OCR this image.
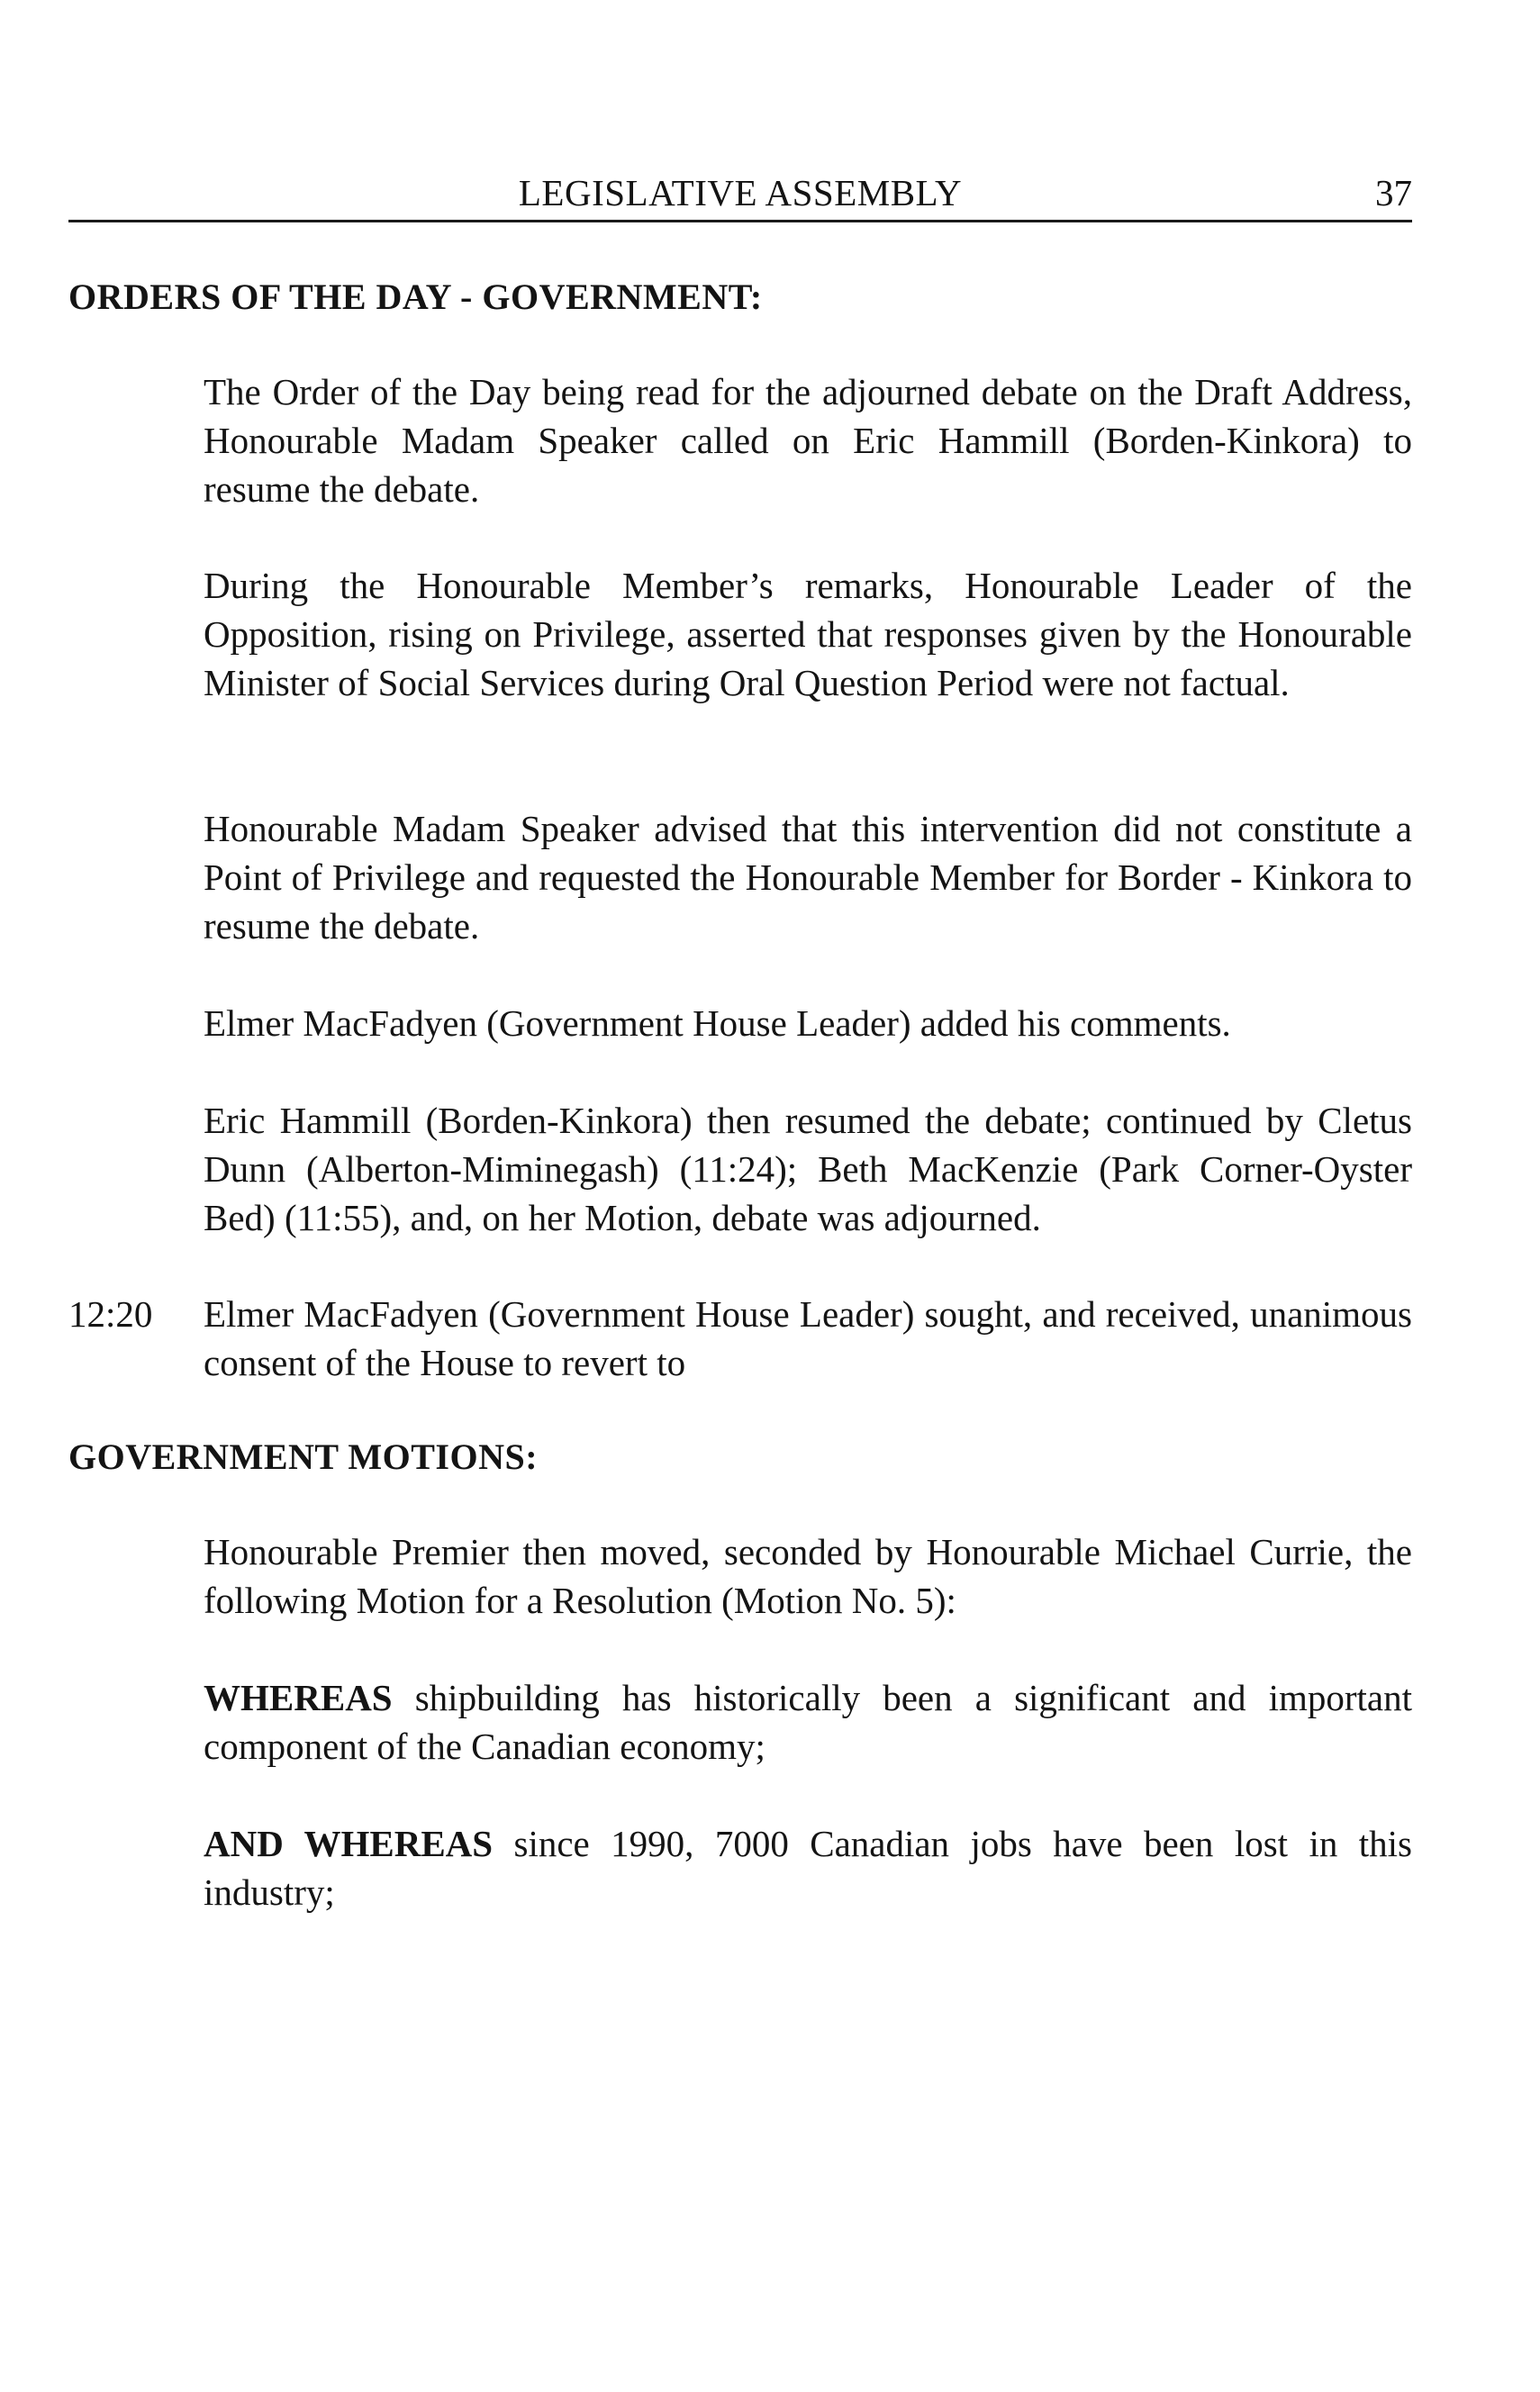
LEGISLATIVE ASSEMBLY	37
ORDERS OF THE DAY - GOVERNMENT:
The Order of the Day being read for the adjourned debate on the Draft Address, Honourable Madam Speaker called on Eric Hammill (Borden-Kinkora) to resume the debate.
During the Honourable Member’s remarks, Honourable Leader of the Opposition, rising on Privilege, asserted that responses given by the Honourable Minister of Social Services during Oral Question Period were not factual.
Honourable Madam Speaker advised that this intervention did not constitute a Point of Privilege and requested the Honourable Member for Border - Kinkora to resume the debate.
Elmer MacFadyen (Government House Leader) added his comments.
Eric Hammill (Borden-Kinkora) then resumed the debate; continued by Cletus Dunn (Alberton-Miminegash) (11:24); Beth MacKenzie (Park Corner-Oyster Bed) (11:55), and, on her Motion, debate was adjourned.
12:20 Elmer MacFadyen (Government House Leader) sought, and received, unanimous consent of the House to revert to
GOVERNMENT MOTIONS:
Honourable Premier then moved, seconded by Honourable Michael Currie, the following Motion for a Resolution (Motion No. 5):
WHEREAS shipbuilding has historically been a significant and important component of the Canadian economy;
AND WHEREAS since 1990, 7000 Canadian jobs have been lost in this industry;
